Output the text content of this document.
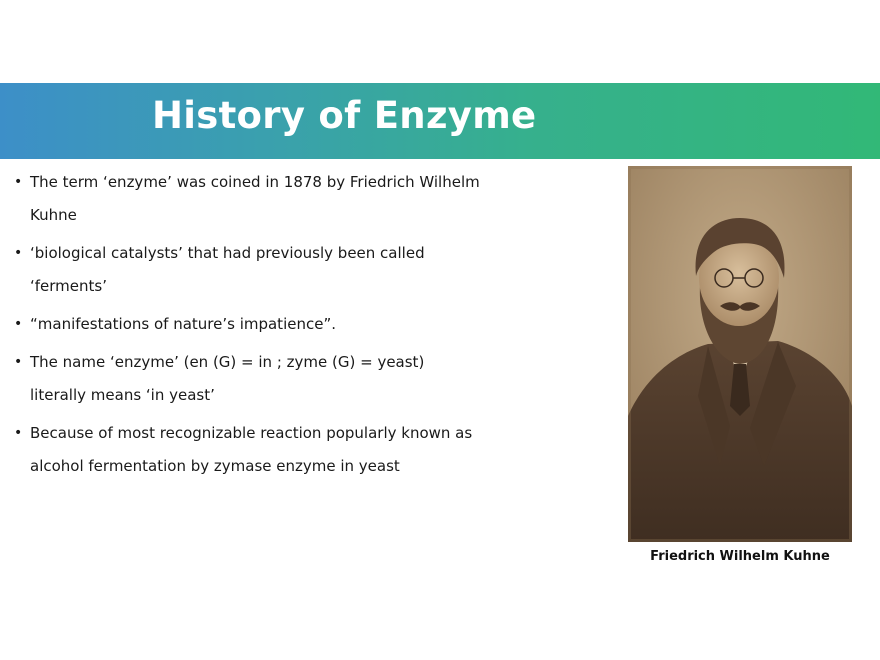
History of Enzyme
• The term ‘enzyme’ was coined in 1878 by Friedrich Wilhelm Kuhne
• ‘biological catalysts’ that had previously been called ‘ferments’
• “manifestations of nature’s impatience”.
• The name ‘enzyme’ (en (G) = in ; zyme (G) = yeast) literally means ‘in yeast’
• Because of most recognizable reaction popularly known as alcohol fermentation by zymase enzyme in yeast
Friedrich Wilhelm Kuhne
